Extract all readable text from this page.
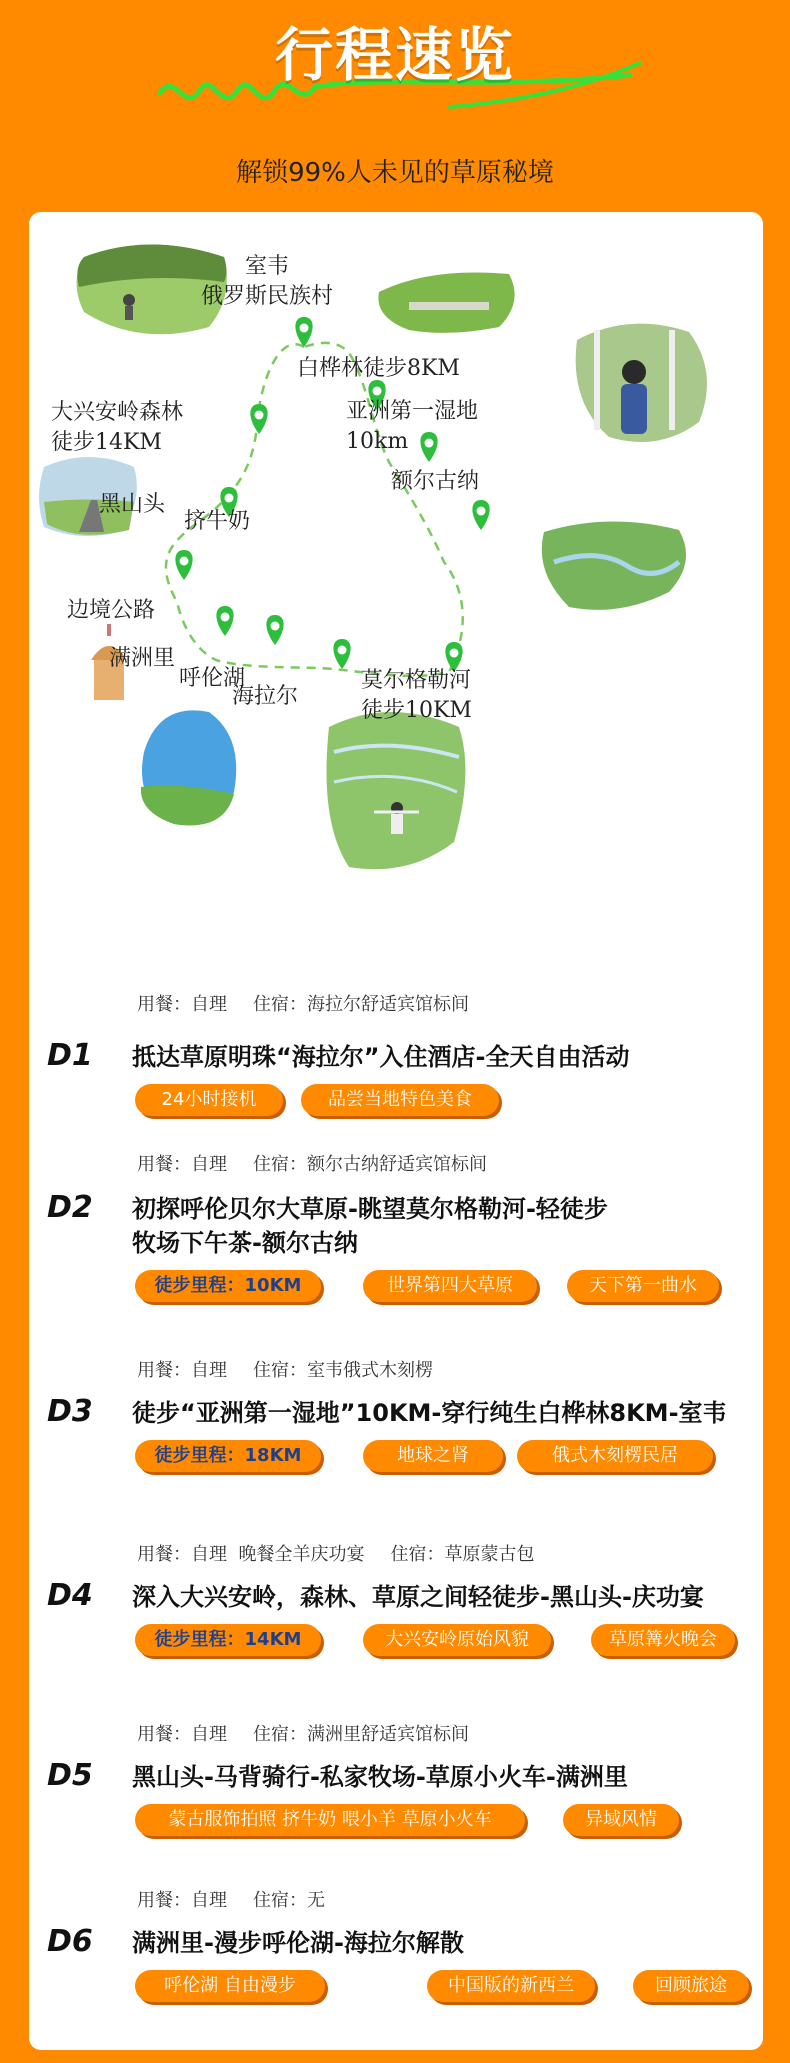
行程速览
解锁99%人未见的草原秘境
室韦
俄罗斯民族村
白桦林徒步8KM
亚洲第一湿地
10km
额尔古纳
莫尔格勒河
徒步10KM
海拉尔
呼伦湖
满洲里
边境公路
挤牛奶
黑山头
大兴安岭森林
徒步14KM
用餐：自理 住宿：海拉尔舒适宾馆标间
D1 抵达草原明珠“海拉尔”入住酒店-全天自由活动
24小时接机	品尝当地特色美食
用餐：自理 住宿：额尔古纳舒适宾馆标间
D2 初探呼伦贝尔大草原-眺望莫尔格勒河-轻徒步
牧场下午茶-额尔古纳
徒步里程：10KM	世界第四大草原	天下第一曲水
用餐：自理 住宿：室韦俄式木刻楞
D3 徒步“亚洲第一湿地”10KM-穿行纯生白桦林8KM-室韦
徒步里程：18KM	地球之肾	俄式木刻楞民居
用餐：自理  晚餐全羊庆功宴 住宿：草原蒙古包
D4 深入大兴安岭，森林、草原之间轻徒步-黑山头-庆功宴
徒步里程：14KM	大兴安岭原始风貌	草原篝火晚会
用餐：自理 住宿：满洲里舒适宾馆标间
D5 黑山头-马背骑行-私家牧场-草原小火车-满洲里
蒙古服饰拍照 挤牛奶 喂小羊 草原小火车	异域风情
用餐：自理 住宿：无
D6 满洲里-漫步呼伦湖-海拉尔解散
呼伦湖 自由漫步	中国版的新西兰	回顾旅途
